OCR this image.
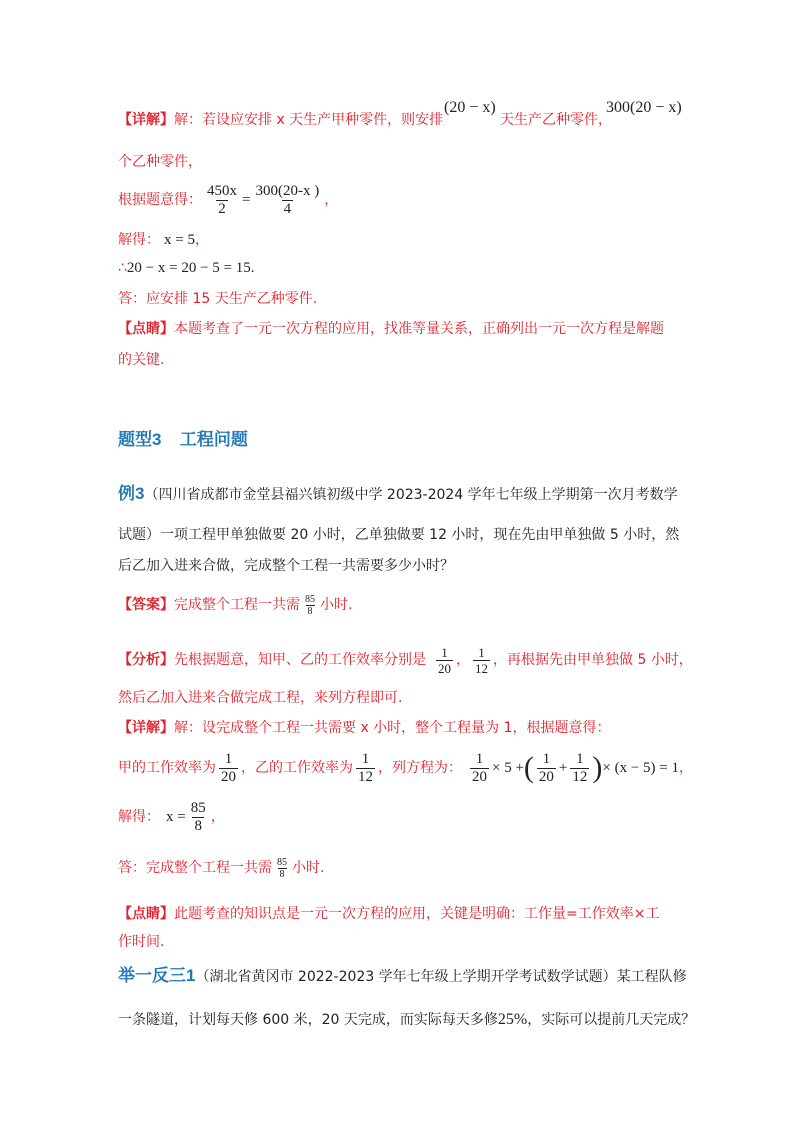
【详解】解：若设应安排 x 天生产甲种零件，则安排
(20 − x)
天生产乙种零件，
300(20 − x)
个乙种零件，
根据题意得： $\frac{450x}{2} = \frac{300(20-x )}{4}$ ，
解得： x = 5，
∴20 − x = 20 − 5 = 15.
答：应安排 15 天生产乙种零件.
【点睛】本题考查了一元一次方程的应用，找准等量关系，正确列出一元一次方程是解题
的关键.
题型3 工程问题
例3（四川省成都市金堂县福兴镇初级中学 2023-2024 学年七年级上学期第一次月考数学
试题）一项工程甲单独做要 20 小时，乙单独做要 12 小时，现在先由甲单独做 5 小时，然
后乙加入进来合做，完成整个工程一共需要多少小时？
【答案】 完成整个工程一共需 $\frac{85}{8}$ 小时.
【分析】 先根据题意，知甲、乙的工作效率分别是 $\frac{1}{20}$ ， $\frac{1}{12}$ ，再根据先由甲单独做 5 小时，
然后乙加入进来合做完成工程，来列方程即可.
【详解】解：设完成整个工程一共需要 x 小时，整个工程量为 1，根据题意得：
甲的工作效率为 $\frac{1}{20}$ ，乙的工作效率为 $\frac{1}{12}$ ，列方程为： $\frac{1}{20} \times 5$ + ( $\frac{1}{20} + \frac{1}{12}$ ) × (x − 5) = 1 ，
解得： $x = \frac{85}{8}$ ，
答：完成整个工程一共需 $\frac{85}{8}$ 小时.
【点睛】此题考查的知识点是一元一次方程的应用，关键是明确：工作量=工作效率×工
作时间.
举一反三1（湖北省黄冈市 2022-2023 学年七年级上学期开学考试数学试题）某工程队修
一条隧道，计划每天修 600 米，20 天完成，而实际每天多修25%，实际可以提前几天完成？
